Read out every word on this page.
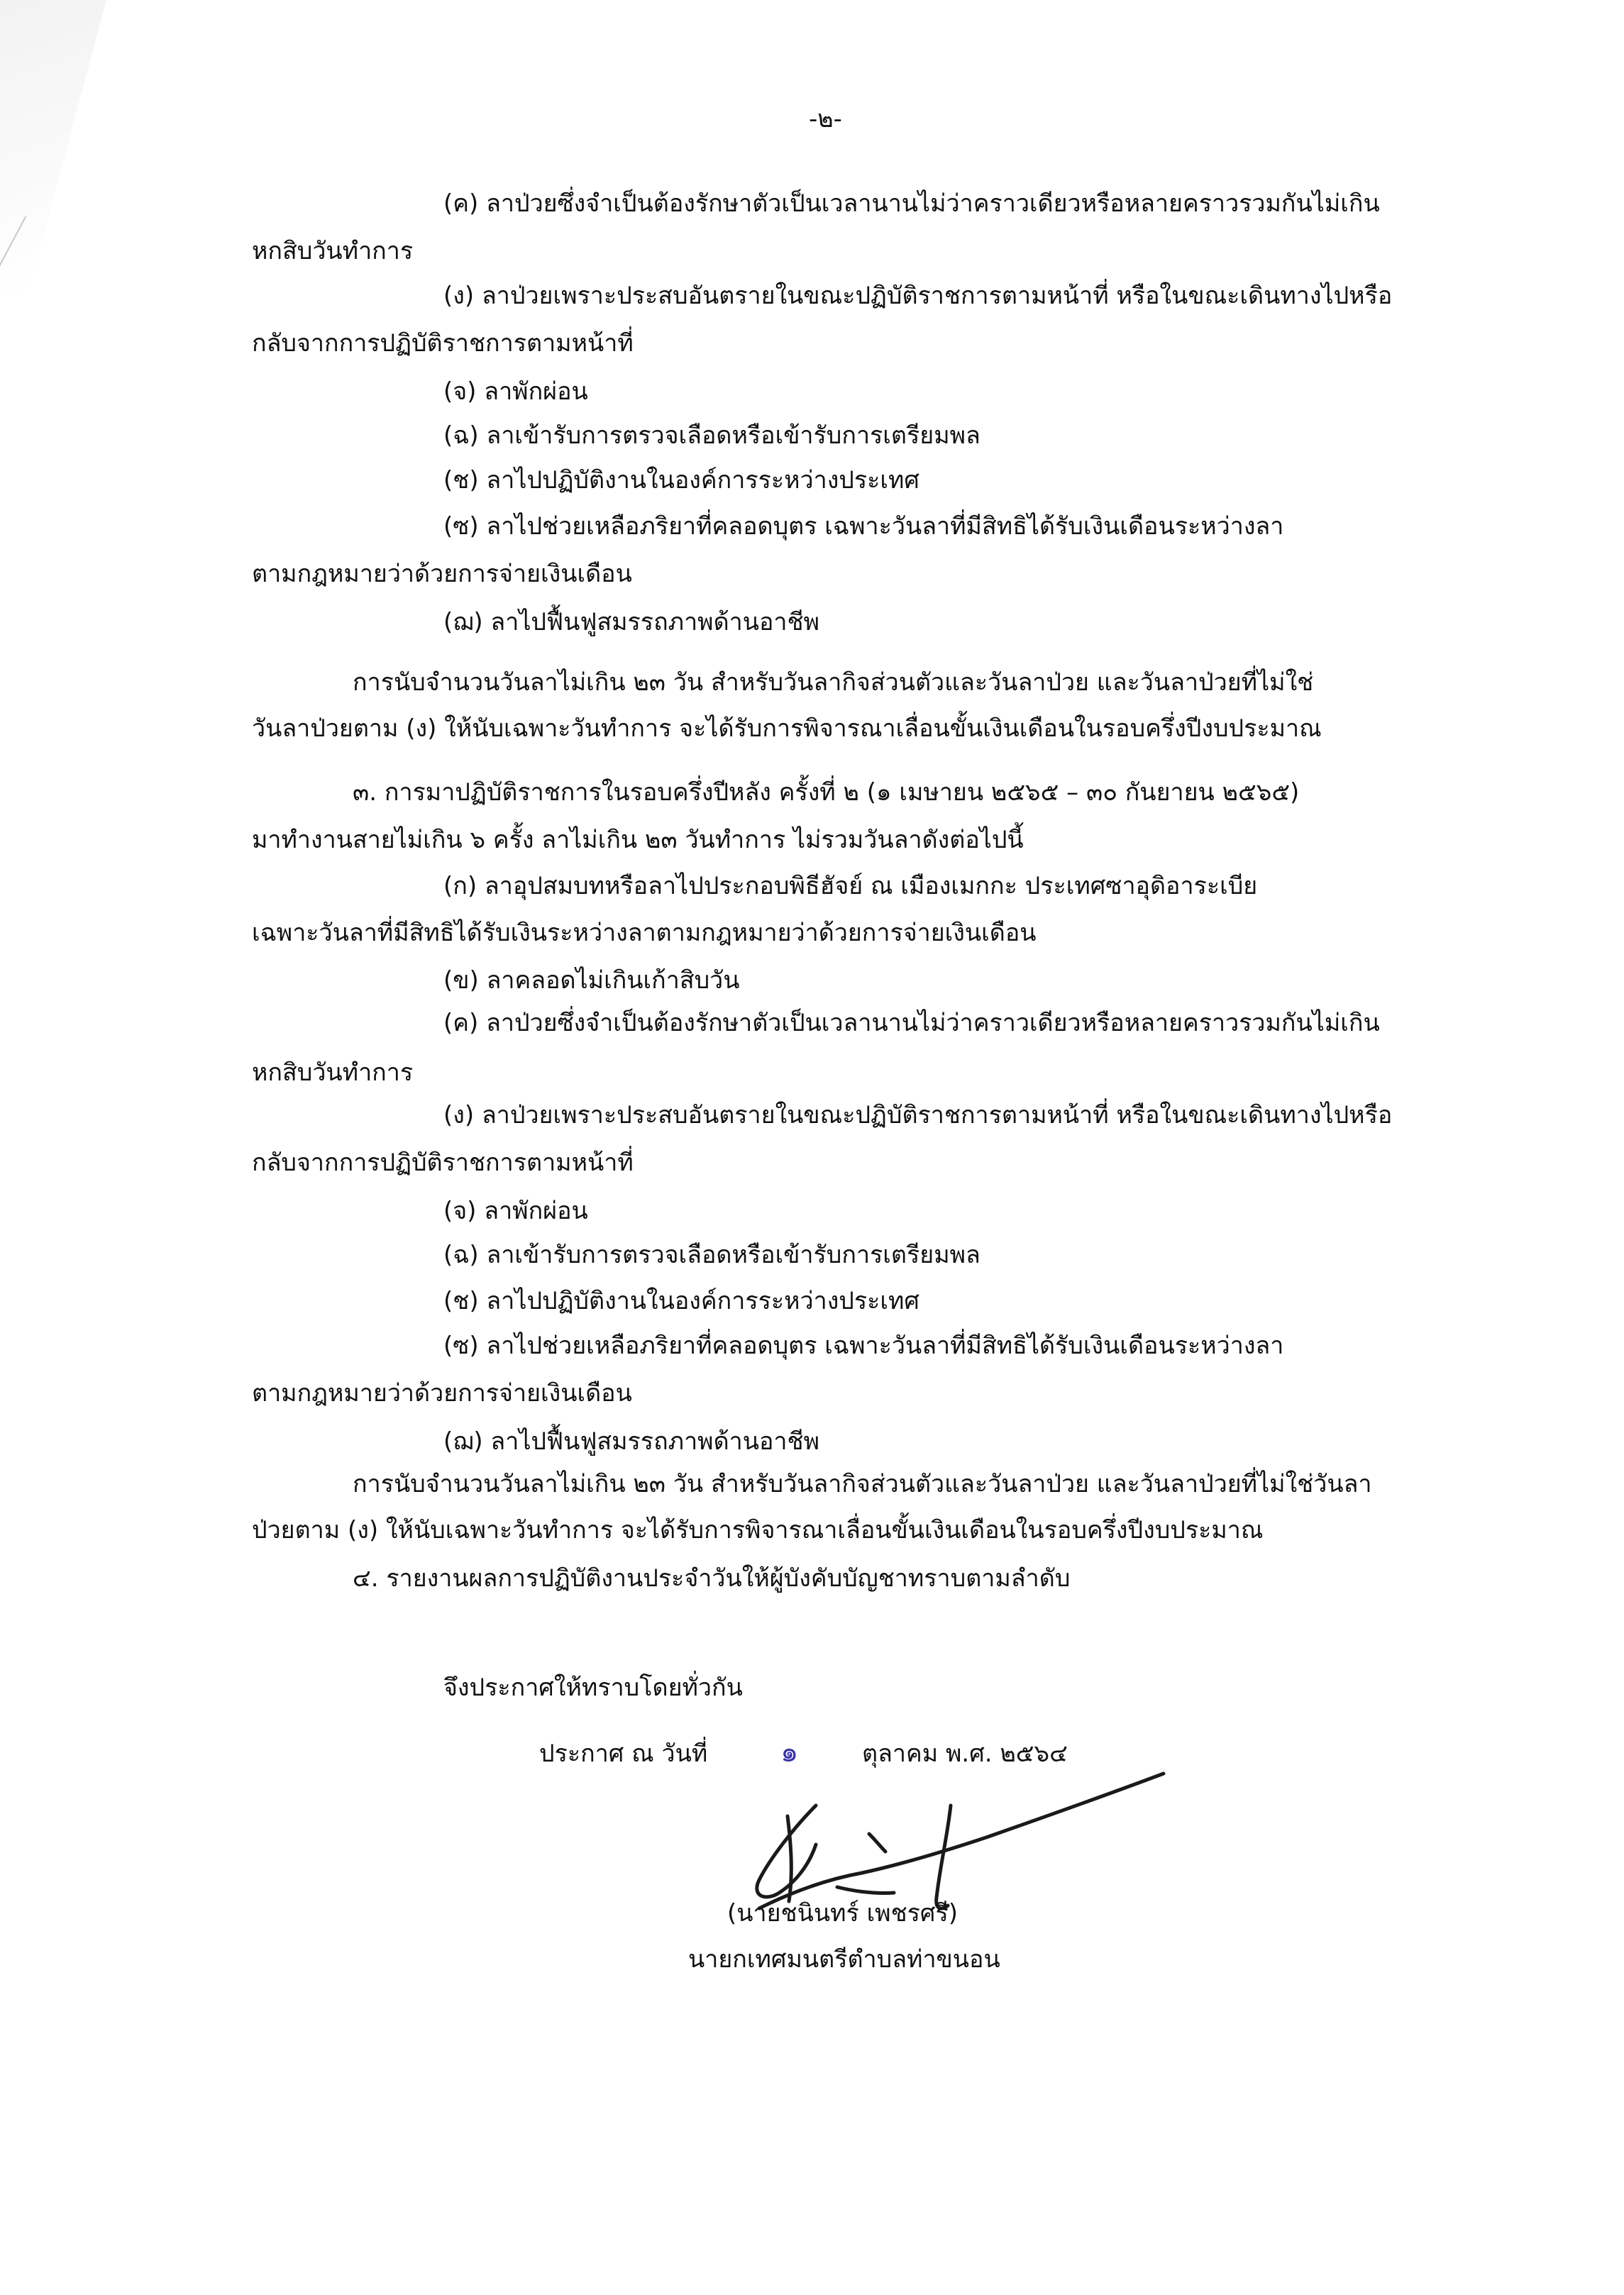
-๒-
(ค) ลาป่วยซึ่งจำเป็นต้องรักษาตัวเป็นเวลานานไม่ว่าคราวเดียวหรือหลายคราวรวมกันไม่เกิน
หกสิบวันทำการ
(ง) ลาป่วยเพราะประสบอันตรายในขณะปฏิบัติราชการตามหน้าที่ หรือในขณะเดินทางไปหรือ
กลับจากการปฏิบัติราชการตามหน้าที่
(จ) ลาพักผ่อน
(ฉ) ลาเข้ารับการตรวจเลือดหรือเข้ารับการเตรียมพล
(ช) ลาไปปฏิบัติงานในองค์การระหว่างประเทศ
(ซ) ลาไปช่วยเหลือภริยาที่คลอดบุตร เฉพาะวันลาที่มีสิทธิได้รับเงินเดือนระหว่างลา
ตามกฎหมายว่าด้วยการจ่ายเงินเดือน
(ฌ) ลาไปฟื้นฟูสมรรถภาพด้านอาชีพ
การนับจำนวนวันลาไม่เกิน ๒๓ วัน สำหรับวันลากิจส่วนตัวและวันลาป่วย และวันลาป่วยที่ไม่ใช่
วันลาป่วยตาม (ง) ให้นับเฉพาะวันทำการ จะได้รับการพิจารณาเลื่อนขั้นเงินเดือนในรอบครึ่งปีงบประมาณ
๓. การมาปฏิบัติราชการในรอบครึ่งปีหลัง ครั้งที่ ๒ (๑ เมษายน ๒๕๖๕ – ๓๐ กันยายน ๒๕๖๕)
มาทำงานสายไม่เกิน ๖ ครั้ง ลาไม่เกิน ๒๓ วันทำการ ไม่รวมวันลาดังต่อไปนี้
(ก) ลาอุปสมบทหรือลาไปประกอบพิธีฮัจย์ ณ เมืองเมกกะ ประเทศซาอุดิอาระเบีย
เฉพาะวันลาที่มีสิทธิได้รับเงินระหว่างลาตามกฎหมายว่าด้วยการจ่ายเงินเดือน
(ข) ลาคลอดไม่เกินเก้าสิบวัน
(ค) ลาป่วยซึ่งจำเป็นต้องรักษาตัวเป็นเวลานานไม่ว่าคราวเดียวหรือหลายคราวรวมกันไม่เกิน
หกสิบวันทำการ
(ง) ลาป่วยเพราะประสบอันตรายในขณะปฏิบัติราชการตามหน้าที่ หรือในขณะเดินทางไปหรือ
กลับจากการปฏิบัติราชการตามหน้าที่
(จ) ลาพักผ่อน
(ฉ) ลาเข้ารับการตรวจเลือดหรือเข้ารับการเตรียมพล
(ช) ลาไปปฏิบัติงานในองค์การระหว่างประเทศ
(ซ) ลาไปช่วยเหลือภริยาที่คลอดบุตร เฉพาะวันลาที่มีสิทธิได้รับเงินเดือนระหว่างลา
ตามกฎหมายว่าด้วยการจ่ายเงินเดือน
(ฌ) ลาไปฟื้นฟูสมรรถภาพด้านอาชีพ
การนับจำนวนวันลาไม่เกิน ๒๓ วัน สำหรับวันลากิจส่วนตัวและวันลาป่วย และวันลาป่วยที่ไม่ใช่วันลา
ป่วยตาม (ง) ให้นับเฉพาะวันทำการ จะได้รับการพิจารณาเลื่อนขั้นเงินเดือนในรอบครึ่งปีงบประมาณ
๔. รายงานผลการปฏิบัติงานประจำวันให้ผู้บังคับบัญชาทราบตามลำดับ
จึงประกาศให้ทราบโดยทั่วกัน
ประกาศ ณ วันที่	๑	ตุลาคม พ.ศ. ๒๕๖๔
(นายชนินทร์ เพชรศรี)
นายกเทศมนตรีตำบลท่าขนอน
